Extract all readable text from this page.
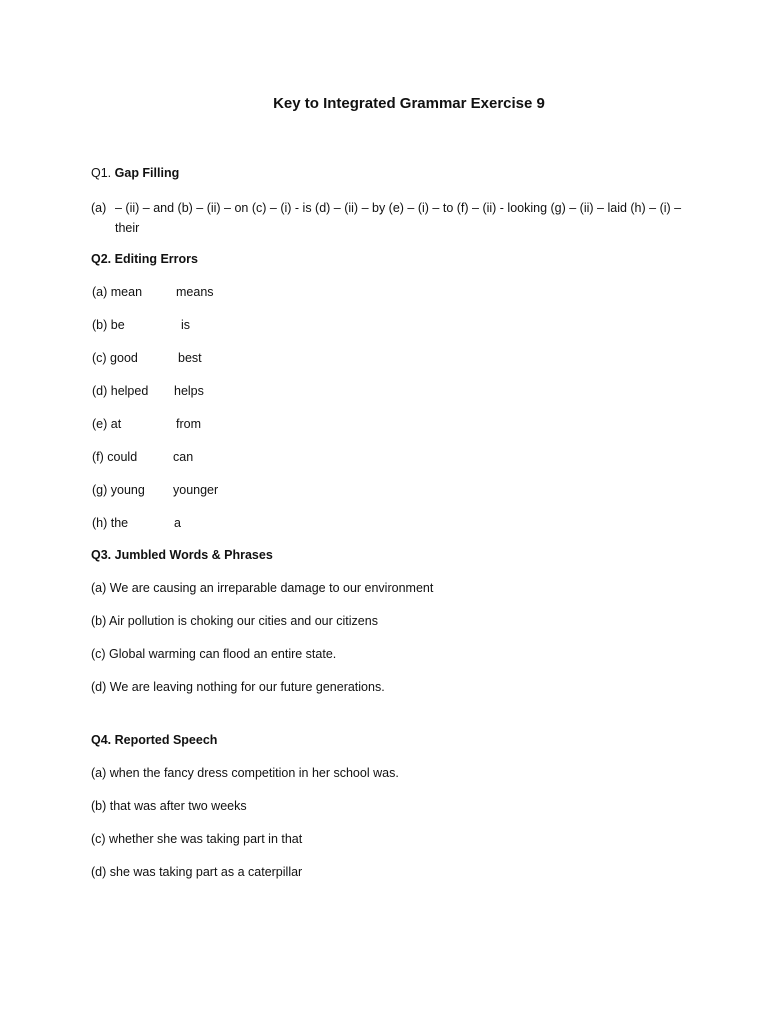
Key to Integrated Grammar Exercise 9
Q1. Gap Filling
(a) – (ii) – and (b) – (ii) – on (c) – (i) - is (d) – (ii) – by (e) – (i) – to (f) – (ii) - looking (g) – (ii) – laid (h) – (i) –
their
Q2. Editing Errors
(a) mean	means
(b) be	is
(c) good	best
(d) helped helps
(e) at	from
(f) could	can
(g) young younger
(h) the	a
Q3. Jumbled Words & Phrases
(a) We are causing an irreparable damage to our environment
(b) Air pollution is choking our cities and our citizens
(c) Global warming can flood an entire state.
(d) We are leaving nothing for our future generations.
Q4. Reported Speech
(a) when the fancy dress competition in her school was.
(b) that was after two weeks
(c) whether she was taking part in that
(d) she was taking part as a caterpillar
